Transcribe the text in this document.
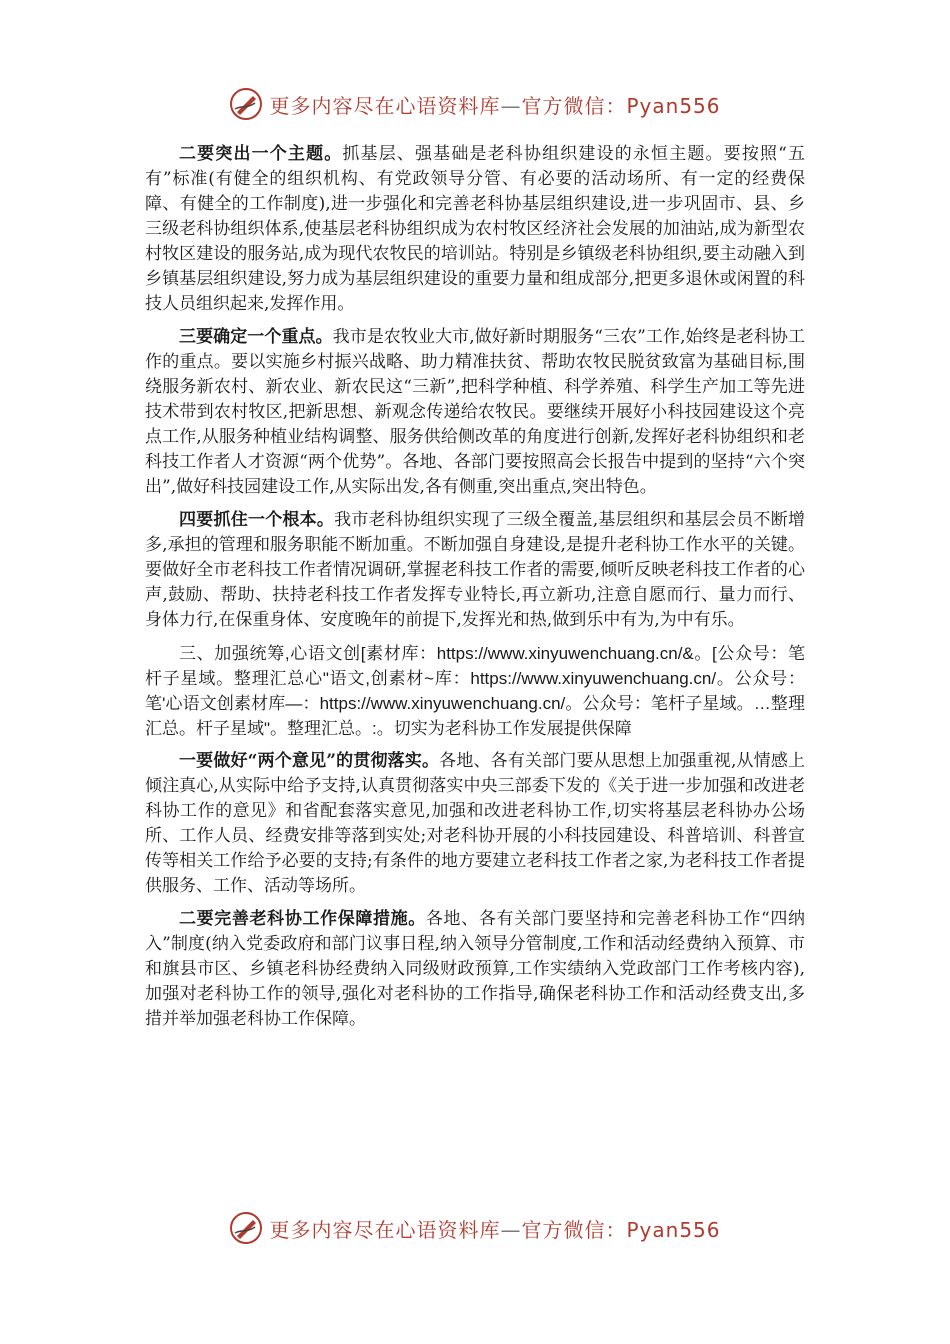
更多内容尽在心语资料库—官方微信：Pyan556

二要突出一个主题。抓基层、强基础是老科协组织建设的永恒主题。要按照“五有”标准(有健全的组织机构、有党政领导分管、有必要的活动场所、有一定的经费保障、有健全的工作制度),进一步强化和完善老科协基层组织建设,进一步巩固市、县、乡三级老科协组织体系,使基层老科协组织成为农村牧区经济社会发展的加油站,成为新型农村牧区建设的服务站,成为现代农牧民的培训站。特别是乡镇级老科协组织,要主动融入到乡镇基层组织建设,努力成为基层组织建设的重要力量和组成部分,把更多退休或闲置的科技人员组织起来,发挥作用。

三要确定一个重点。我市是农牧业大市,做好新时期服务“三农”工作,始终是老科协工作的重点。要以实施乡村振兴战略、助力精准扶贫、帮助农牧民脱贫致富为基础目标,围绕服务新农村、新农业、新农民这“三新”,把科学种植、科学养殖、科学生产加工等先进技术带到农村牧区,把新思想、新观念传递给农牧民。要继续开展好小科技园建设这个亮点工作,从服务种植业结构调整、服务供给侧改革的角度进行创新,发挥好老科协组织和老科技工作者人才资源“两个优势”。各地、各部门要按照高会长报告中提到的坚持“六个突出”,做好科技园建设工作,从实际出发,各有侧重,突出重点,突出特色。

四要抓住一个根本。我市老科协组织实现了三级全覆盖,基层组织和基层会员不断增多,承担的管理和服务职能不断加重。不断加强自身建设,是提升老科协工作水平的关键。要做好全市老科技工作者情况调研,掌握老科技工作者的需要,倾听反映老科技工作者的心声,鼓励、帮助、扶持老科技工作者发挥专业特长,再立新功,注意自愿而行、量力而行、身体力行,在保重身体、安度晚年的前提下,发挥光和热,做到乐中有为,为中有乐。

三、加强统筹,心语文创[素材库：https://www.xinyuwenchuang.cn/&。[公众号：笔杆子星域。整理汇总心"语文,创素材~库：https://www.xinyuwenchuang.cn/。公众号：笔'心语文创素材库—：https://www.xinyuwenchuang.cn/。公众号：笔杆子星域。…整理汇总。杆子星域"。整理汇总。:。切实为老科协工作发展提供保障

一要做好“两个意见”的贯彻落实。各地、各有关部门要从思想上加强重视,从情感上倾注真心,从实际中给予支持,认真贯彻落实中央三部委下发的《关于进一步加强和改进老科协工作的意见》和省配套落实意见,加强和改进老科协工作,切实将基层老科协办公场所、工作人员、经费安排等落到实处;对老科协开展的小科技园建设、科普培训、科普宣传等相关工作给予必要的支持;有条件的地方要建立老科技工作者之家,为老科技工作者提供服务、工作、活动等场所。

二要完善老科协工作保障措施。各地、各有关部门要坚持和完善老科协工作“四纳入”制度(纳入党委政府和部门议事日程,纳入领导分管制度,工作和活动经费纳入预算、市和旗县市区、乡镇老科协经费纳入同级财政预算,工作实绩纳入党政部门工作考核内容),加强对老科协工作的领导,强化对老科协的工作指导,确保老科协工作和活动经费支出,多措并举加强老科协工作保障。

更多内容尽在心语资料库—官方微信：Pyan556
